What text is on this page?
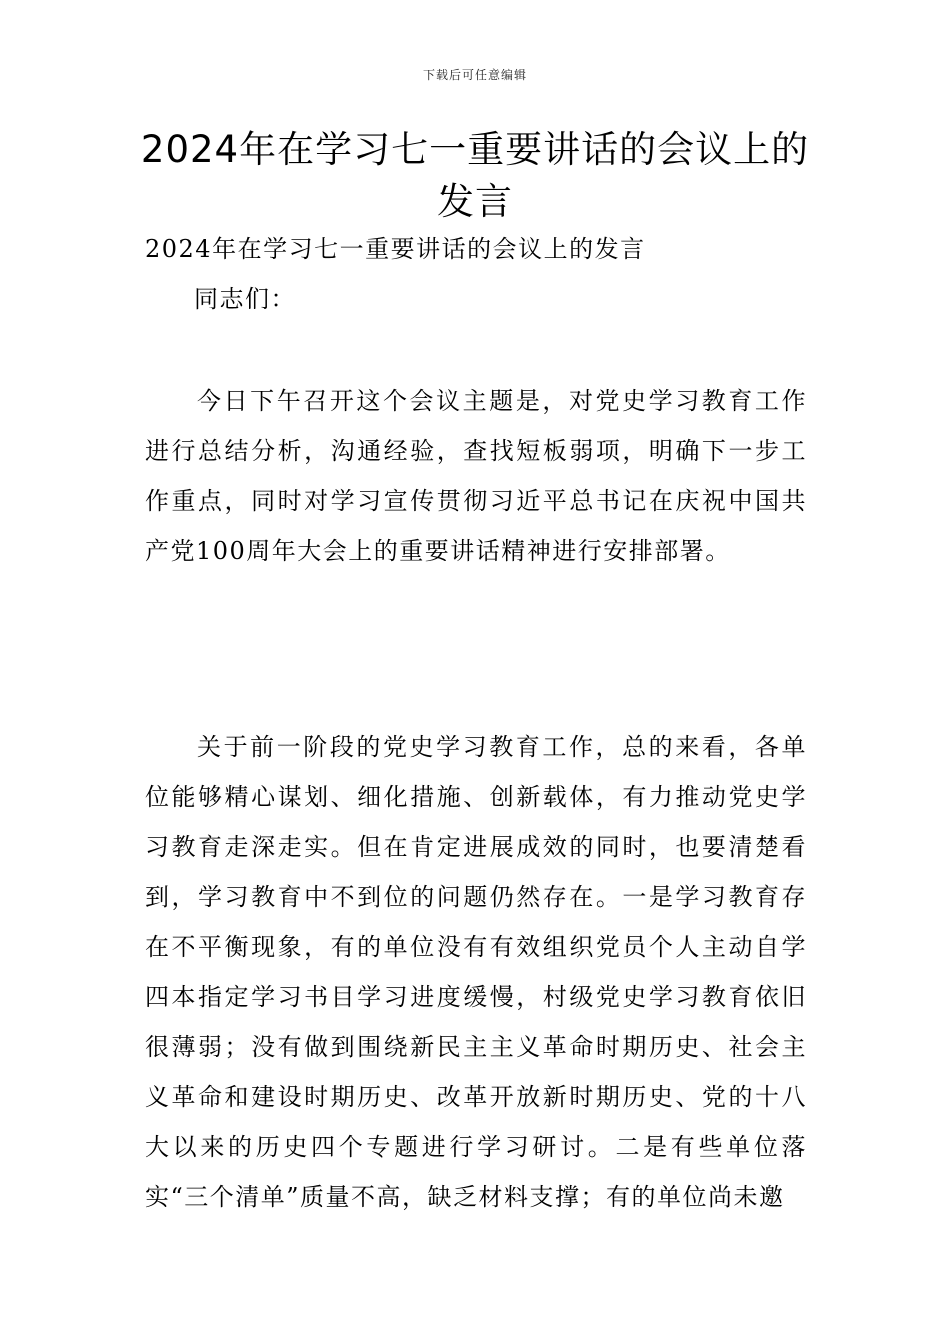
下载后可任意编辑
2024年在学习七一重要讲话的会议上的发言

2024年在学习七一重要讲话的会议上的发言

同志们：

今日下午召开这个会议主题是，对党史学习教育工作进行总结分析，沟通经验，查找短板弱项，明确下一步工作重点，同时对学习宣传贯彻习近平总书记在庆祝中国共产党100周年大会上的重要讲话精神进行安排部署。

关于前一阶段的党史学习教育工作，总的来看，各单位能够精心谋划、细化措施、创新载体，有力推动党史学习教育走深走实。但在肯定进展成效的同时，也要清楚看到，学习教育中不到位的问题仍然存在。一是学习教育存在不平衡现象，有的单位没有有效组织党员个人主动自学四本指定学习书目学习进度缓慢，村级党史学习教育依旧很薄弱；没有做到围绕新民主主义革命时期历史、社会主义革命和建设时期历史、改革开放新时期历史、党的十八大以来的历史四个专题进行学习研讨。二是有些单位落实“三个清单”质量不高，缺乏材料支撑；有的单位尚未邀
